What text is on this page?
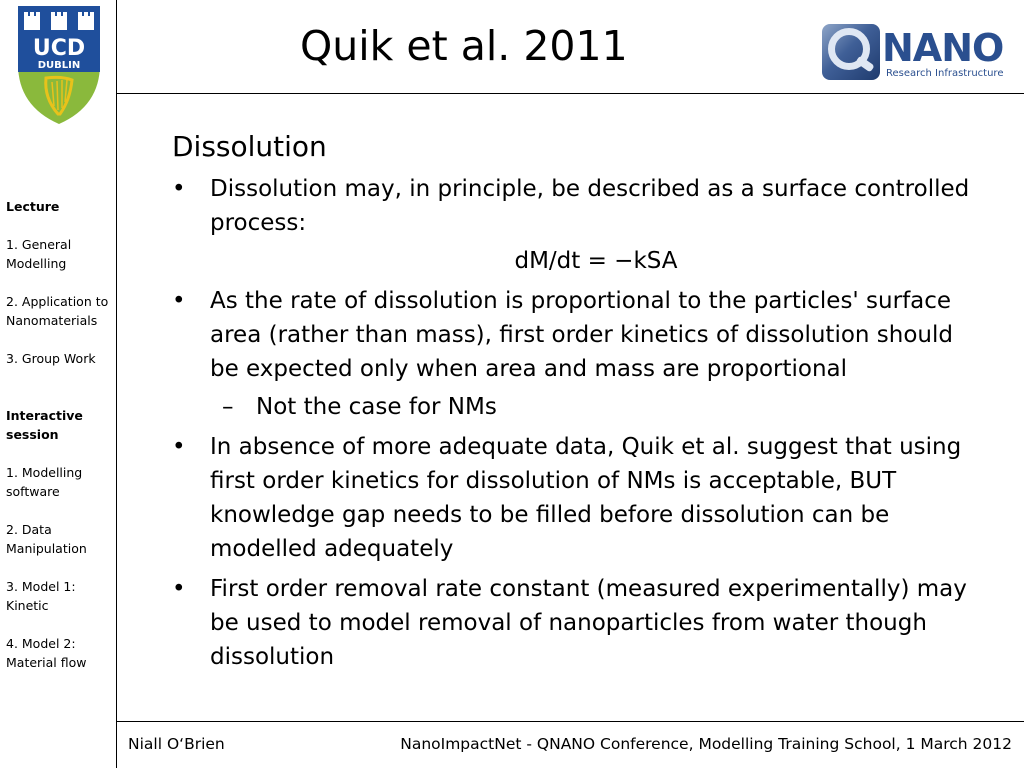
UCD
DUBLIN	Quik et al. 2011	NANO
Research Infrastructure
Lecture
1. General Modelling
2. Application to Nanomaterials
3. Group Work
Interactive session
1. Modelling software
2. Data Manipulation
3. Model 1: Kinetic
4. Model 2: Material flow
Dissolution
• Dissolution may, in principle, be described as a surface controlled process:
dM/dt = −kSA
• As the rate of dissolution is proportional to the particles' surface area (rather than mass), first order kinetics of dissolution should be expected only when area and mass are proportional
– Not the case for NMs
• In absence of more adequate data, Quik et al. suggest that using first order kinetics for dissolution of NMs is acceptable, BUT knowledge gap needs to be filled before dissolution can be modelled adequately
• First order removal rate constant (measured experimentally) may be used to model removal of nanoparticles from water though dissolution
Niall O‘Brien	NanoImpactNet - QNANO Conference, Modelling Training School, 1 March 2012
